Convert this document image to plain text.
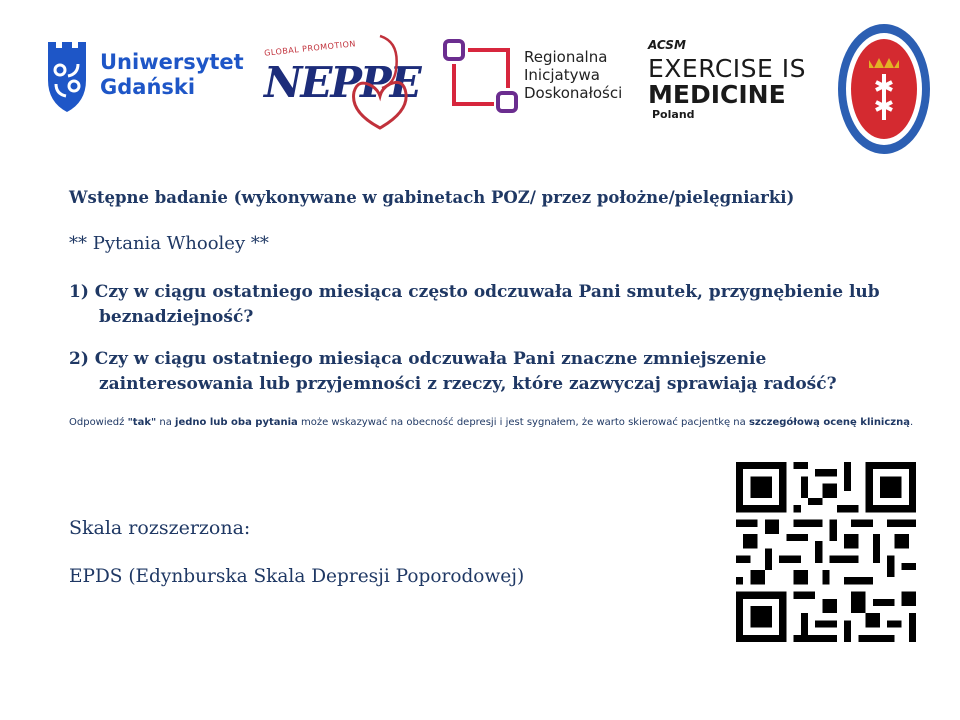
Uniwersytet
Gdański
GLOBAL PROMOTION
NEPPE
Regionalna
Inicjatywa
Doskonałości
ACSM
EXERCISE IS
MEDICINE
Poland

Wstępne badanie (wykonywane w gabinetach POZ/ przez położne/pielęgniarki)

** Pytania Whooley **

1) Czy w ciągu ostatniego miesiąca często odczuwała Pani smutek, przygnębienie lub beznadziejność?

2) Czy w ciągu ostatniego miesiąca odczuwała Pani znaczne zmniejszenie zainteresowania lub przyjemności z rzeczy, które zazwyczaj sprawiają radość?

Odpowiedź "tak" na jedno lub oba pytania może wskazywać na obecność depresji i jest sygnałem, że warto skierować pacjentkę na szczegółową ocenę kliniczną.

Skala rozszerzona:

EPDS (Edynburska Skala Depresji Poporodowej)
